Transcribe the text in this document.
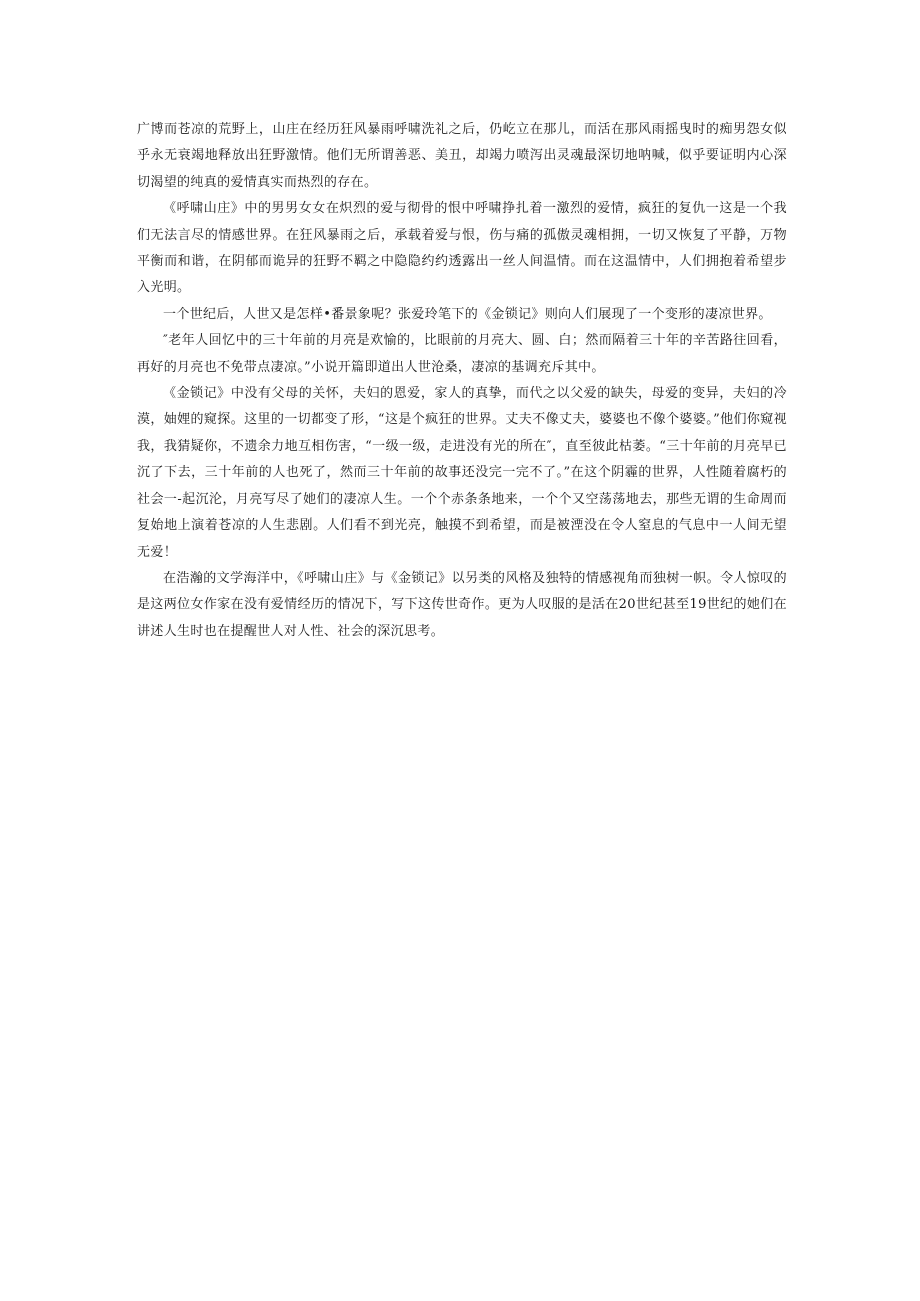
广博而苍凉的荒野上，山庄在经历狂风暴雨呼啸洗礼之后，仍屹立在那儿，而活在那风雨摇曳时的痴男怨女似乎永无衰竭地释放出狂野激情。他们无所谓善恶、美丑，却竭力喷泻出灵魂最深切地呐喊，似乎要证明内心深切渴望的纯真的爱情真实而热烈的存在。

《呼啸山庄》中的男男女女在炽烈的爱与彻骨的恨中呼啸挣扎着一激烈的爱情，疯狂的复仇一这是一个我们无法言尽的情感世界。在狂风暴雨之后，承载着爱与恨，伤与痛的孤傲灵魂相拥，一切又恢复了平静，万物平衡而和谐，在阴郁而诡异的狂野不羁之中隐隐约约透露出一丝人间温情。而在这温情中，人们拥抱着希望步入光明。

一个世纪后，人世又是怎样•番景象呢？张爱玲笔下的《金锁记》则向人们展现了一个变形的凄凉世界。

″老年人回忆中的三十年前的月亮是欢愉的，比眼前的月亮大、圆、白；然而隔着三十年的辛苦路往回看，再好的月亮也不免带点凄凉。”小说开篇即道出人世沧桑，凄凉的基调充斥其中。

《金锁记》中没有父母的关怀，夫妇的恩爱，家人的真挚，而代之以父爱的缺失，母爱的变异，夫妇的冷漠，妯娌的窥探。这里的一切都变了形，“这是个疯狂的世界。丈夫不像丈夫，婆婆也不像个婆婆。”他们你窥视我，我猜疑你，不遗余力地互相伤害，“一级一级，走进没有光的所在″，直至彼此枯萎。“三十年前的月亮早已沉了下去，三十年前的人也死了，然而三十年前的故事还没完一完不了。”在这个阴霾的世界，人性随着腐朽的社会一-起沉沦，月亮写尽了她们的凄凉人生。一个个赤条条地来，一个个又空荡荡地去，那些无谓的生命周而复始地上演着苍凉的人生悲剧。人们看不到光亮，触摸不到希望，而是被湮没在令人窒息的气息中一人间无望无爱！

在浩瀚的文学海洋中，《呼啸山庄》与《金锁记》以另类的风格及独特的情感视角而独树一帜。令人惊叹的是这两位女作家在没有爱情经历的情况下，写下这传世奇作。更为人叹服的是活在20世纪甚至19世纪的她们在讲述人生时也在提醒世人对人性、社会的深沉思考。
